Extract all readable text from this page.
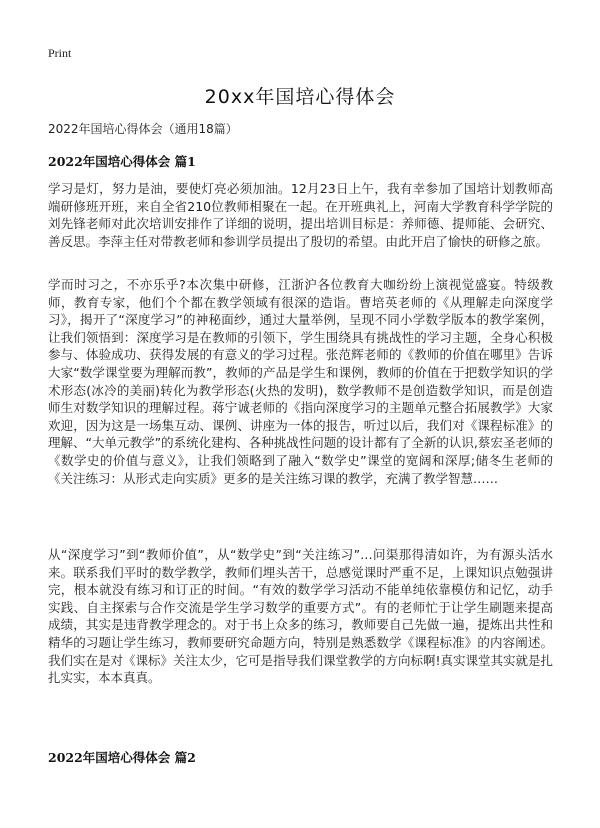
Print
20xx年国培心得体会
2022年国培心得体会（通用18篇）
2022年国培心得体会 篇1
学习是灯，努力是油，要使灯亮必须加油。12月23日上午，我有幸参加了国培计划教师高端研修班开班，来自全省210位教师相聚在一起。在开班典礼上，河南大学教育科学学院的刘先锋老师对此次培训安排作了详细的说明，提出培训目标是：养师德、提师能、会研究、善反思。李萍主任对带教老师和参训学员提出了殷切的希望。由此开启了愉快的研修之旅。
学而时习之，不亦乐乎?本次集中研修，江浙沪各位教育大咖纷纷上演视觉盛宴。特级教师，教育专家，他们个个都在教学领域有很深的造诣。曹培英老师的《从理解走向深度学习》，揭开了“深度学习”的神秘面纱，通过大量举例，呈现不同小学数学版本的教学案例，让我们领悟到：深度学习是在教师的引领下，学生围绕具有挑战性的学习主题，全身心积极参与、体验成功、获得发展的有意义的学习过程。张范辉老师的《教师的价值在哪里》告诉大家“数学课堂要为理解而教”，教师的产品是学生和课例，教师的价值在于把数学知识的学术形态(冰冷的美丽)转化为教学形态(火热的发明)，数学教师不是创造数学知识，而是创造师生对数学知识的理解过程。蒋宁诚老师的《指向深度学习的主题单元整合拓展教学》大家欢迎，因为这是一场集互动、课例、讲座为一体的报告，听过以后，我们对《课程标准》的理解、“大单元教学”的系统化建构、各种挑战性问题的设计都有了全新的认识,蔡宏圣老师的《数学史的价值与意义》，让我们领略到了融入“数学史”课堂的宽阔和深厚;储冬生老师的《关注练习：从形式走向实质》更多的是关注练习课的教学，充满了教学智慧……
从“深度学习”到“教师价值”，从“数学史”到“关注练习”…问渠那得清如许，为有源头活水来。联系我们平时的数学教学，教师们埋头苦干，总感觉课时严重不足，上课知识点勉强讲完，根本就没有练习和订正的时间。“有效的数学学习活动不能单纯依靠模仿和记忆，动手实践、自主探索与合作交流是学生学习数学的重要方式”。有的老师忙于让学生刷题来提高成绩，其实是违背教学理念的。对于书上众多的练习，教师要自己先做一遍，提炼出共性和精华的习题让学生练习，教师要研究命题方向，特别是熟悉数学《课程标准》的内容阐述。我们实在是对《课标》关注太少，它可是指导我们课堂教学的方向标啊!真实课堂其实就是扎扎实实，本本真真。
2022年国培心得体会 篇2
